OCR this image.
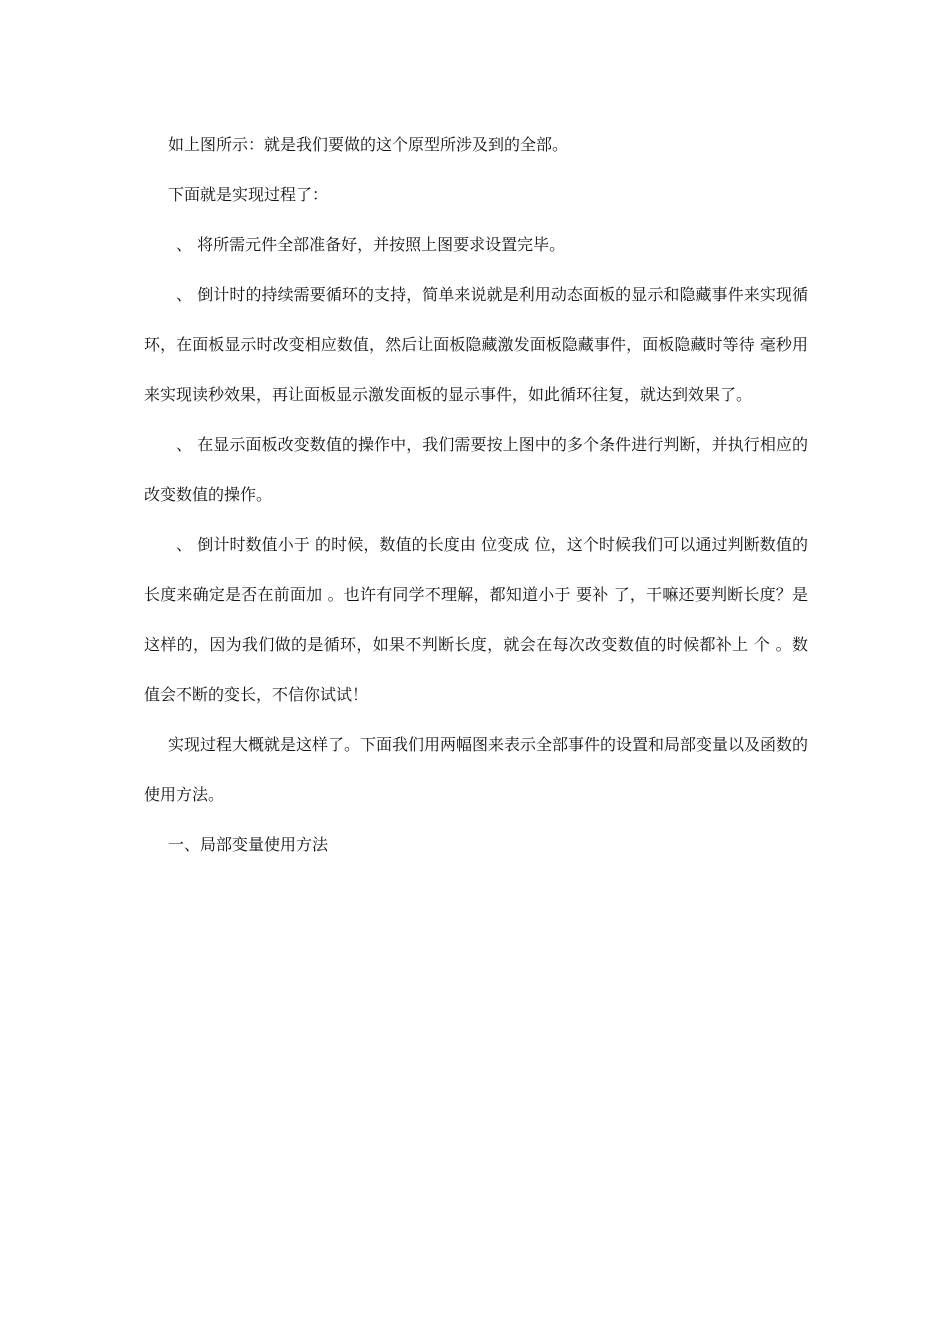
如上图所示：就是我们要做的这个原型所涉及到的全部。

下面就是实现过程了：

、 将所需元件全部准备好，并按照上图要求设置完毕。

、 倒计时的持续需要循环的支持，简单来说就是利用动态面板的显示和隐藏事件来实现循环，在面板显示时改变相应数值，然后让面板隐藏激发面板隐藏事件，面板隐藏时等待 毫秒用来实现读秒效果，再让面板显示激发面板的显示事件，如此循环往复，就达到效果了。

、 在显示面板改变数值的操作中，我们需要按上图中的多个条件进行判断，并执行相应的改变数值的操作。

、 倒计时数值小于 的时候，数值的长度由 位变成 位，这个时候我们可以通过判断数值的长度来确定是否在前面加 。也许有同学不理解，都知道小于 要补 了，干嘛还要判断长度？是这样的，因为我们做的是循环，如果不判断长度，就会在每次改变数值的时候都补上 个 。数值会不断的变长，不信你试试！

实现过程大概就是这样了。下面我们用两幅图来表示全部事件的设置和局部变量以及函数的使用方法。

一、局部变量使用方法
